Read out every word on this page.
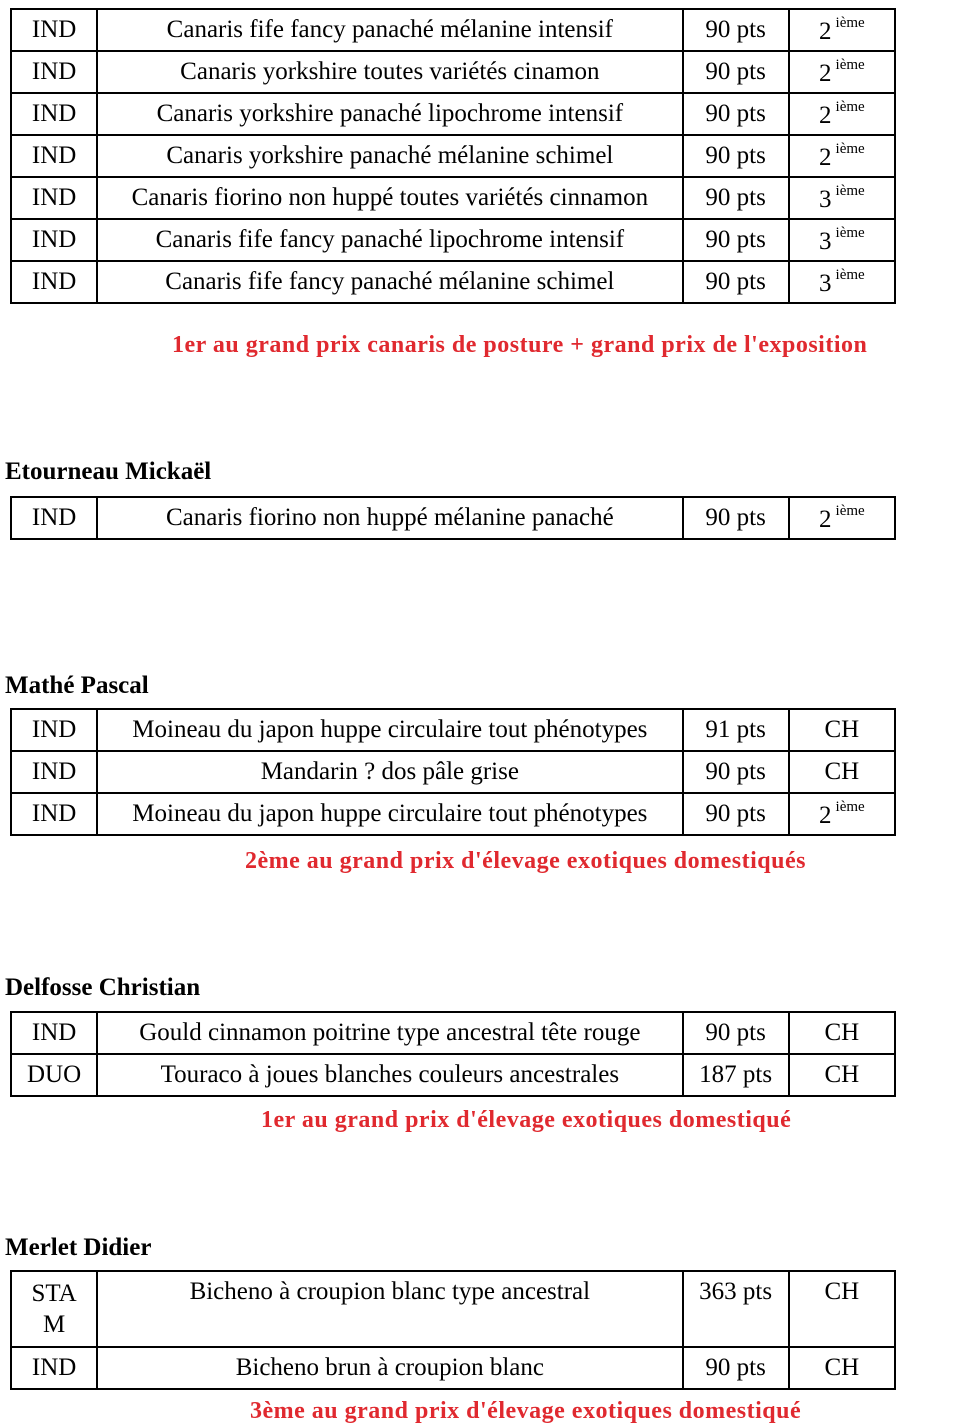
IND	Canaris fife fancy panaché mélanine intensif	90 pts	2 $^{ième}$
IND	Canaris yorkshire toutes variétés cinamon	90 pts	2 $^{ième}$
IND	Canaris yorkshire panaché lipochrome intensif	90 pts	2 $^{ième}$
IND	Canaris yorkshire panaché mélanine schimel	90 pts	2 $^{ième}$
IND	Canaris fiorino non huppé toutes variétés cinnamon	90 pts	3 $^{ième}$
IND	Canaris fife fancy panaché lipochrome intensif	90 pts	3 $^{ième}$
IND	Canaris fife fancy panaché mélanine schimel	90 pts	3 $^{ième}$
1er au grand prix canaris de posture + grand prix de l'exposition
Etourneau Mickaël
IND	Canaris fiorino non huppé mélanine panaché	90 pts	2 $^{ième}$
Mathé Pascal
IND	Moineau du japon huppe circulaire tout phénotypes	91 pts	CH
IND	Mandarin ? dos pâle grise	90 pts	CH
IND	Moineau du japon huppe circulaire tout phénotypes	90 pts	2 $^{ième}$
2ème au grand prix d'élevage exotiques domestiqués
Delfosse Christian
IND	Gould cinnamon poitrine type ancestral tête rouge	90 pts	CH
DUO	Touraco à joues blanches couleurs ancestrales	187 pts	CH
1er au grand prix d'élevage exotiques domestiqué
Merlet Didier
STA
M	Bicheno à croupion blanc type ancestral	363 pts	CH
IND	Bicheno brun à croupion blanc	90 pts	CH
3ème au grand prix d'élevage exotiques domestiqué
